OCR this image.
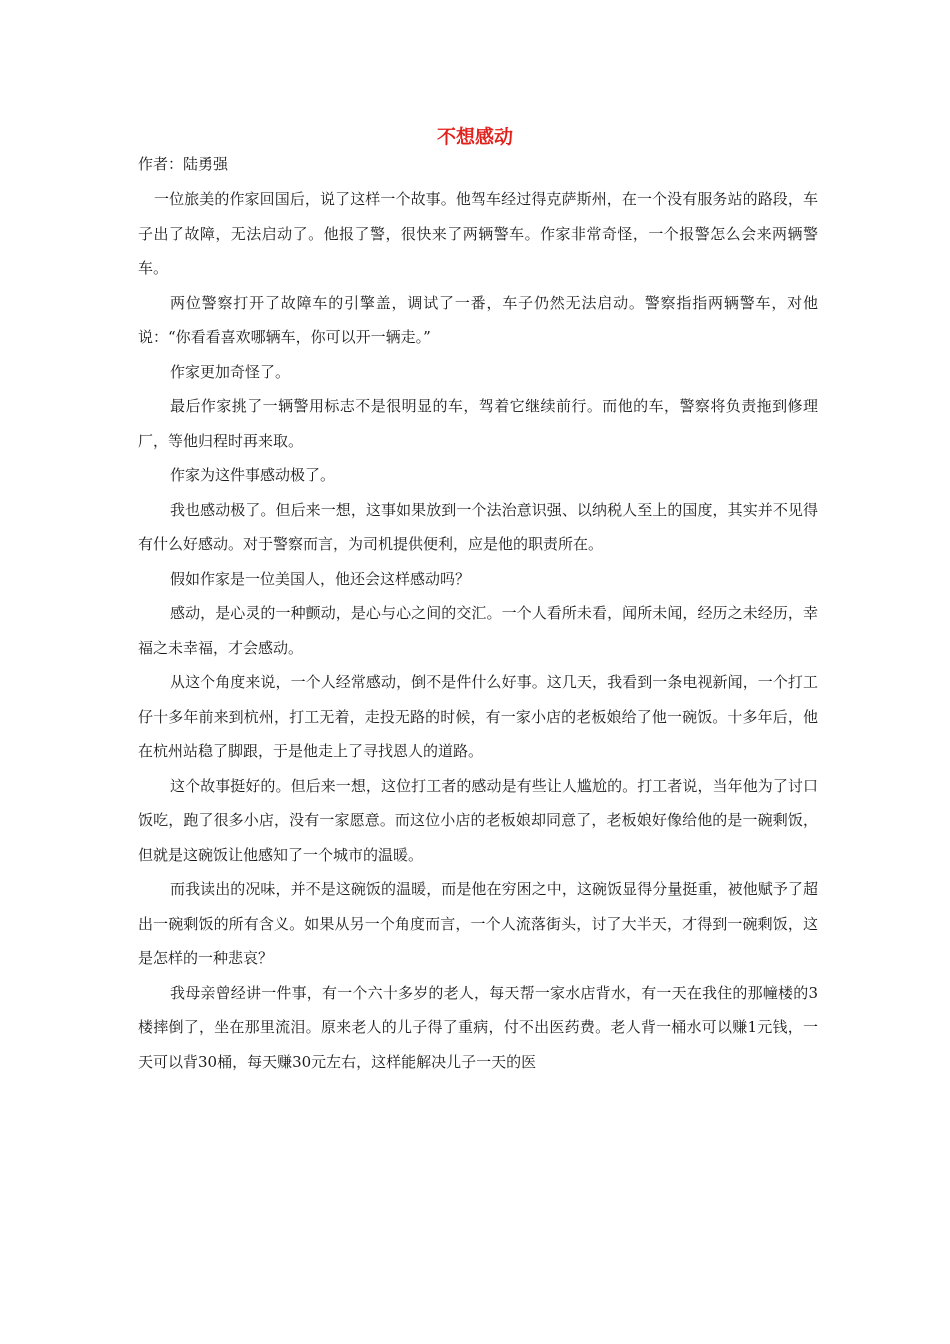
不想感动
作者：陆勇强

一位旅美的作家回国后，说了这样一个故事。他驾车经过得克萨斯州，在一个没有服务站的路段，车子出了故障，无法启动了。他报了警，很快来了两辆警车。作家非常奇怪，一个报警怎么会来两辆警车。

两位警察打开了故障车的引擎盖，调试了一番，车子仍然无法启动。警察指指两辆警车，对他说：“你看看喜欢哪辆车，你可以开一辆走。”

作家更加奇怪了。

最后作家挑了一辆警用标志不是很明显的车，驾着它继续前行。而他的车，警察将负责拖到修理厂，等他归程时再来取。

作家为这件事感动极了。

我也感动极了。但后来一想，这事如果放到一个法治意识强、以纳税人至上的国度，其实并不见得有什么好感动。对于警察而言，为司机提供便利，应是他的职责所在。

假如作家是一位美国人，他还会这样感动吗？

感动，是心灵的一种颤动，是心与心之间的交汇。一个人看所未看，闻所未闻，经历之未经历，幸福之未幸福，才会感动。

从这个角度来说，一个人经常感动，倒不是件什么好事。这几天，我看到一条电视新闻，一个打工仔十多年前来到杭州，打工无着，走投无路的时候，有一家小店的老板娘给了他一碗饭。十多年后，他在杭州站稳了脚跟，于是他走上了寻找恩人的道路。

这个故事挺好的。但后来一想，这位打工者的感动是有些让人尴尬的。打工者说，当年他为了讨口饭吃，跑了很多小店，没有一家愿意。而这位小店的老板娘却同意了，老板娘好像给他的是一碗剩饭，但就是这碗饭让他感知了一个城市的温暖。

而我读出的况味，并不是这碗饭的温暖，而是他在穷困之中，这碗饭显得分量挺重，被他赋予了超出一碗剩饭的所有含义。如果从另一个角度而言，一个人流落街头，讨了大半天，才得到一碗剩饭，这是怎样的一种悲哀？

我母亲曾经讲一件事，有一个六十多岁的老人，每天帮一家水店背水，有一天在我住的那幢楼的3楼摔倒了，坐在那里流泪。原来老人的儿子得了重病，付不出医药费。老人背一桶水可以赚1元钱，一天可以背30桶，每天赚30元左右，这样能解决儿子一天的医
